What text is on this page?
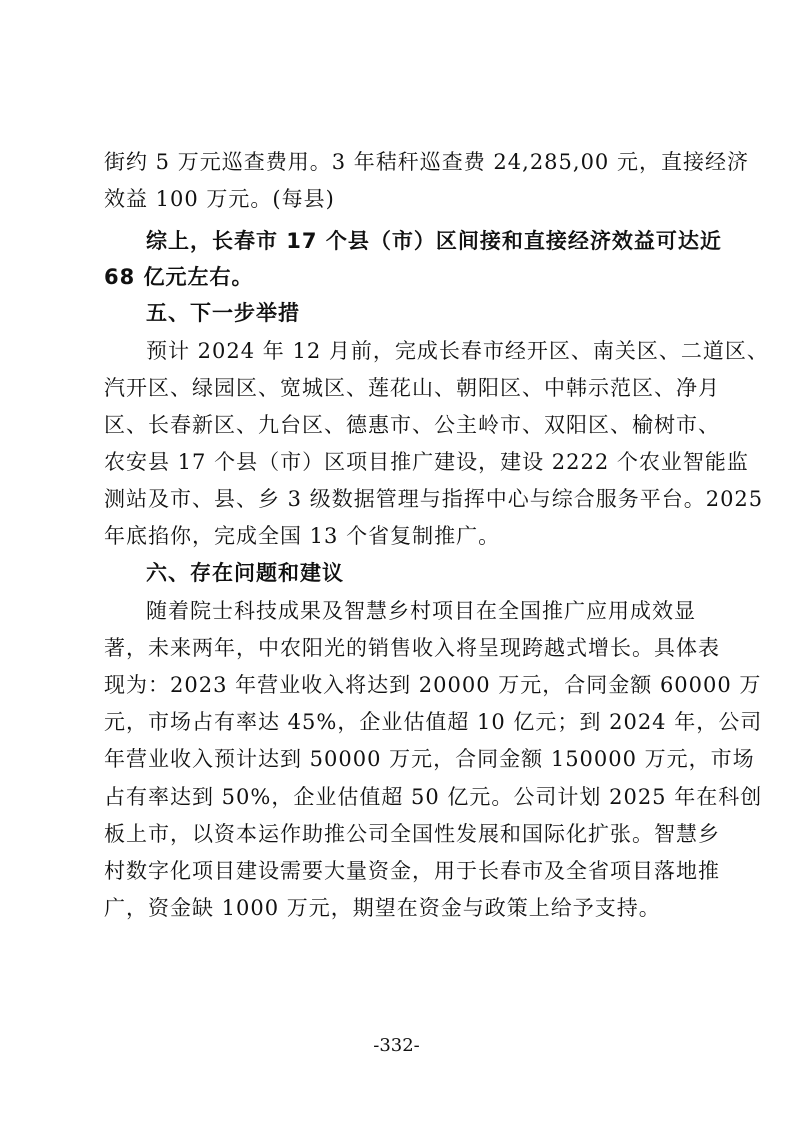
街约 5 万元巡查费用。3 年秸秆巡查费 24,285,00 元，直接经济
效益 100 万元。(每县)
综上，长春市 17 个县（市）区间接和直接经济效益可达近
68 亿元左右。
五、下一步举措
预计 2024 年 12 月前，完成长春市经开区、南关区、二道区、
汽开区、绿园区、宽城区、莲花山、朝阳区、中韩示范区、净月
区、长春新区、九台区、德惠市、公主岭市、双阳区、榆树市、
农安县 17 个县（市）区项目推广建设，建设 2222 个农业智能监
测站及市、县、乡 3 级数据管理与指挥中心与综合服务平台。2025
年底掐你，完成全国 13 个省复制推广。
六、存在问题和建议
随着院士科技成果及智慧乡村项目在全国推广应用成效显
著，未来两年，中农阳光的销售收入将呈现跨越式增长。具体表
现为：2023 年营业收入将达到 20000 万元，合同金额 60000 万
元，市场占有率达 45%，企业估值超 10 亿元；到 2024 年，公司
年营业收入预计达到 50000 万元，合同金额 150000 万元，市场
占有率达到 50%，企业估值超 50 亿元。公司计划 2025 年在科创
板上市，以资本运作助推公司全国性发展和国际化扩张。智慧乡
村数字化项目建设需要大量资金，用于长春市及全省项目落地推
广，资金缺 1000 万元，期望在资金与政策上给予支持。
-332-
